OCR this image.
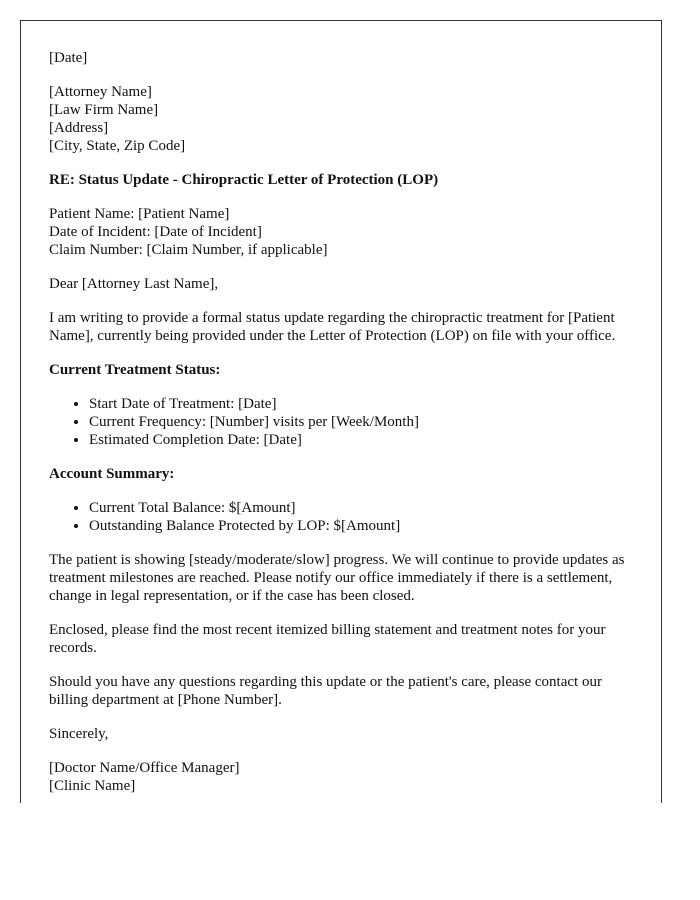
[Date]

[Attorney Name]
[Law Firm Name]
[Address]
[City, State, Zip Code]

RE: Status Update - Chiropractic Letter of Protection (LOP)

Patient Name: [Patient Name]
Date of Incident: [Date of Incident]
Claim Number: [Claim Number, if applicable]

Dear [Attorney Last Name],

I am writing to provide a formal status update regarding the chiropractic treatment for [Patient Name], currently being provided under the Letter of Protection (LOP) on file with your office.

Current Treatment Status:

• Start Date of Treatment: [Date]
• Current Frequency: [Number] visits per [Week/Month]
• Estimated Completion Date: [Date]

Account Summary:

• Current Total Balance: $[Amount]
• Outstanding Balance Protected by LOP: $[Amount]

The patient is showing [steady/moderate/slow] progress. We will continue to provide updates as treatment milestones are reached. Please notify our office immediately if there is a settlement, change in legal representation, or if the case has been closed.

Enclosed, please find the most recent itemized billing statement and treatment notes for your records.

Should you have any questions regarding this update or the patient's care, please contact our billing department at [Phone Number].

Sincerely,

[Doctor Name/Office Manager]
[Clinic Name]
